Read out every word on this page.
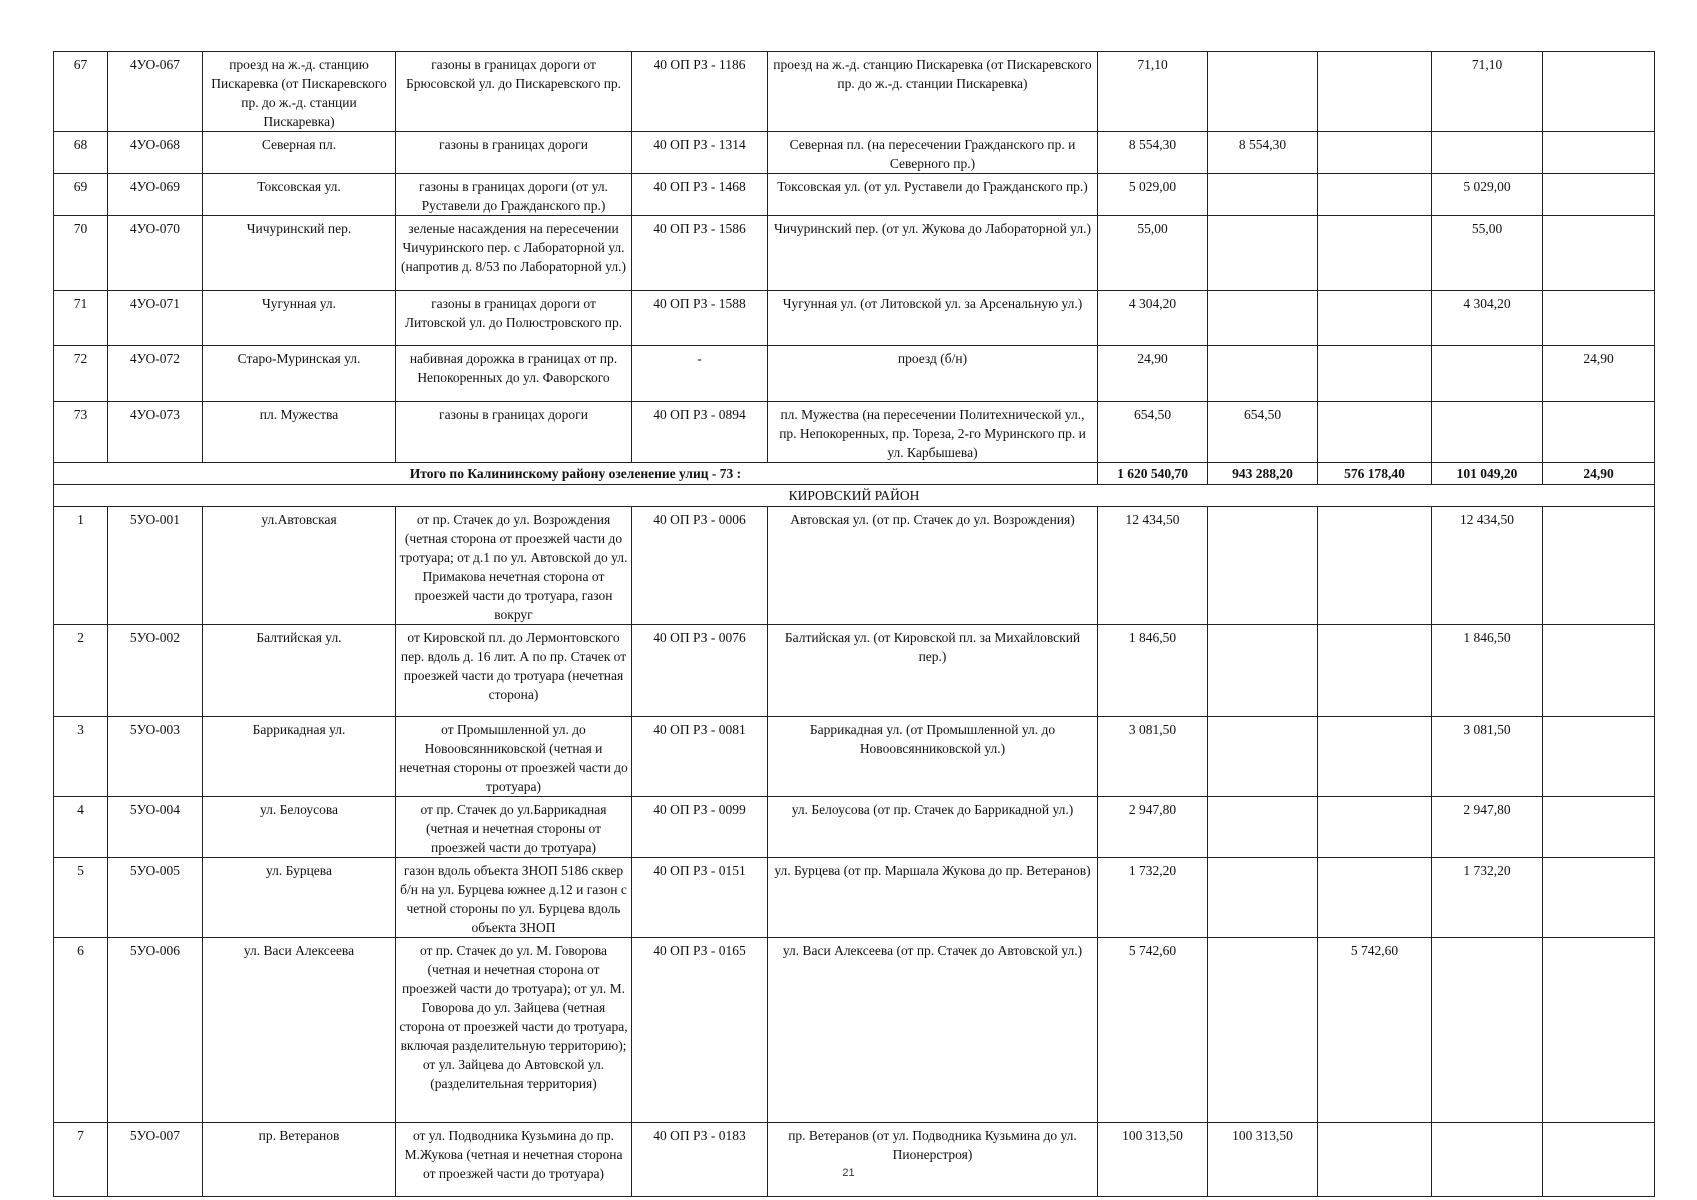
67	4УО-067	проезд на ж.-д. станцию Пискаревка (от Пискаревского пр. до ж.-д. станции Пискаревка)	газоны в границах дороги от Брюсовской ул. до Пискаревского пр.	40 ОП РЗ - 1186	проезд на ж.-д. станцию Пискаревка (от Пискаревского пр. до ж.-д. станции Пискаревка)	71,10			71,10	
68	4УО-068	Северная пл.	газоны в границах дороги	40 ОП РЗ - 1314	Северная пл. (на пересечении Гражданского пр. и Северного пр.)	8 554,30	8 554,30			
69	4УО-069	Токсовская ул.	газоны в границах дороги (от ул. Руставели до Гражданского пр.)	40 ОП РЗ - 1468	Токсовская ул. (от ул. Руставели до Гражданского пр.)	5 029,00			5 029,00	
70	4УО-070	Чичуринский пер.	зеленые насаждения на пересечении Чичуринского пер. с Лабораторной ул. (напротив д. 8/53 по Лабораторной ул.)	40 ОП РЗ - 1586	Чичуринский пер. (от ул. Жукова до Лабораторной ул.)	55,00			55,00	
71	4УО-071	Чугунная ул.	газоны в границах дороги от Литовской ул. до Полюстровского пр.	40 ОП РЗ - 1588	Чугунная ул. (от Литовской ул. за Арсенальную ул.)	4 304,20			4 304,20	
72	4УО-072	Старо-Муринская ул.	набивная дорожка в границах от пр. Непокоренных до ул. Фаворского	-	проезд (б/н)	24,90				24,90
73	4УО-073	пл. Мужества	газоны в границах дороги	40 ОП РЗ - 0894	пл. Мужества (на пересечении Политехнической ул., пр. Непокоренных, пр. Тореза, 2-го Муринского пр. и ул. Карбышева)	654,50	654,50			
Итого по Калининскому району озеленение улиц - 73 :						1 620 540,70	943 288,20	576 178,40	101 049,20	24,90
КИРОВСКИЙ РАЙОН										
1	5УО-001	ул.Автовская	от пр. Стачек до ул. Возрождения (четная сторона от проезжей части до тротуара; от д.1 по ул. Автовской до ул. Примакова нечетная сторона от проезжей части до тротуара, газон вокруг	40 ОП РЗ - 0006	Автовская ул. (от пр. Стачек до ул. Возрождения)	12 434,50			12 434,50	
2	5УО-002	Балтийская ул.	от Кировской пл. до Лермонтовского пер. вдоль д. 16 лит. А по пр. Стачек от проезжей части до тротуара (нечетная сторона)	40 ОП РЗ - 0076	Балтийская ул. (от Кировской пл. за Михайловский пер.)	1 846,50			1 846,50	
3	5УО-003	Баррикадная ул.	от Промышленной ул. до Новоовсянниковской (четная и нечетная стороны от проезжей части до тротуара)	40 ОП РЗ - 0081	Баррикадная ул. (от Промышленной ул. до Новоовсянниковской ул.)	3 081,50			3 081,50	
4	5УО-004	ул. Белоусова	от пр. Стачек до ул.Баррикадная (четная и нечетная стороны от проезжей части до тротуара)	40 ОП РЗ - 0099	ул. Белоусова (от пр. Стачек до Баррикадной ул.)	2 947,80			2 947,80	
5	5УО-005	ул. Бурцева	газон вдоль объекта ЗНОП 5186 сквер б/н на ул. Бурцева южнее д.12 и газон с четной стороны по ул. Бурцева вдоль объекта ЗНОП	40 ОП РЗ - 0151	ул. Бурцева (от пр. Маршала Жукова до пр. Ветеранов)	1 732,20			1 732,20	
6	5УО-006	ул. Васи Алексеева	от пр. Стачек до ул. М. Говорова (четная и нечетная сторона от проезжей части до тротуара); от ул. М. Говорова до ул. Зайцева (четная сторона от проезжей части до тротуара, включая разделительную территорию); от ул. Зайцева до Автовской ул. (разделительная территория)	40 ОП РЗ - 0165	ул. Васи Алексеева (от пр. Стачек до Автовской ул.)	5 742,60		5 742,60		
7	5УО-007	пр. Ветеранов	от ул. Подводника Кузьмина до пр. М.Жукова (четная и нечетная сторона от проезжей части до тротуара)	40 ОП РЗ - 0183	пр. Ветеранов (от ул. Подводника Кузьмина до ул. Пионерстроя)	100 313,50	100 313,50			
21
